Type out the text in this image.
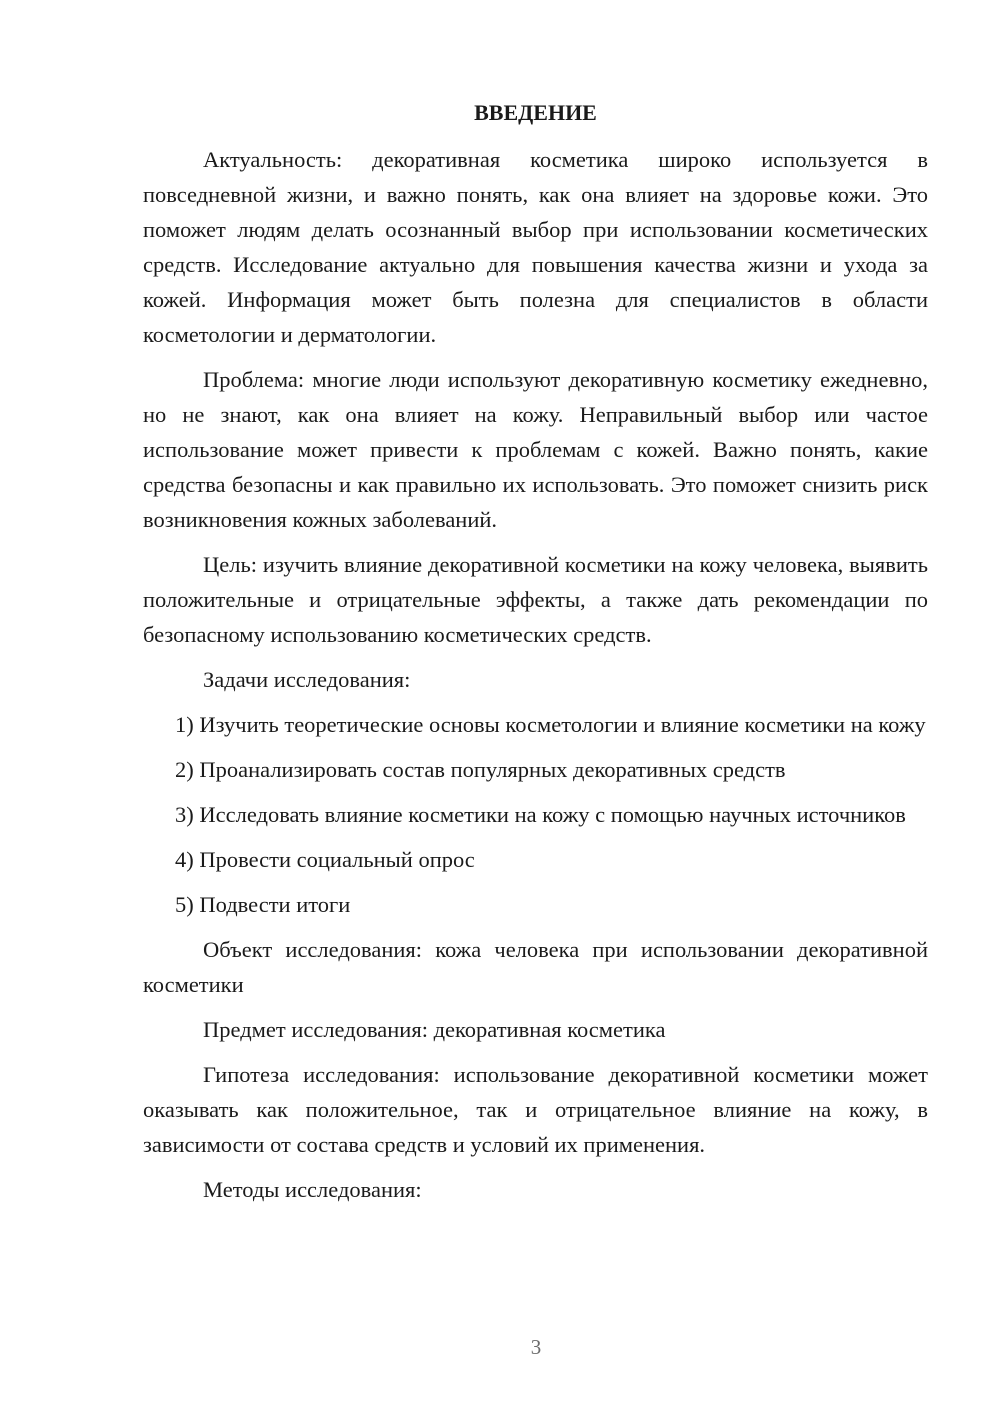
ВВЕДЕНИЕ

Актуальность: декоративная косметика широко используется в повседневной жизни, и важно понять, как она влияет на здоровье кожи. Это поможет людям делать осознанный выбор при использовании косметических средств. Исследование актуально для повышения качества жизни и ухода за кожей. Информация может быть полезна для специалистов в области косметологии и дерматологии.

Проблема: многие люди используют декоративную косметику ежедневно, но не знают, как она влияет на кожу. Неправильный выбор или частое использование может привести к проблемам с кожей. Важно понять, какие средства безопасны и как правильно их использовать. Это поможет снизить риск возникновения кожных заболеваний.

Цель: изучить влияние декоративной косметики на кожу человека, выявить положительные и отрицательные эффекты, а также дать рекомендации по безопасному использованию косметических средств.

Задачи исследования:

1) Изучить теоретические основы косметологии и влияние косметики на кожу

2) Проанализировать состав популярных декоративных средств

3) Исследовать влияние косметики на кожу с помощью научных источников

4) Провести социальный опрос

5) Подвести итоги

Объект исследования: кожа человека при использовании декоративной косметики

Предмет исследования: декоративная косметика

Гипотеза исследования: использование декоративной косметики может оказывать как положительное, так и отрицательное влияние на кожу, в зависимости от состава средств и условий их применения.

Методы исследования:

3
